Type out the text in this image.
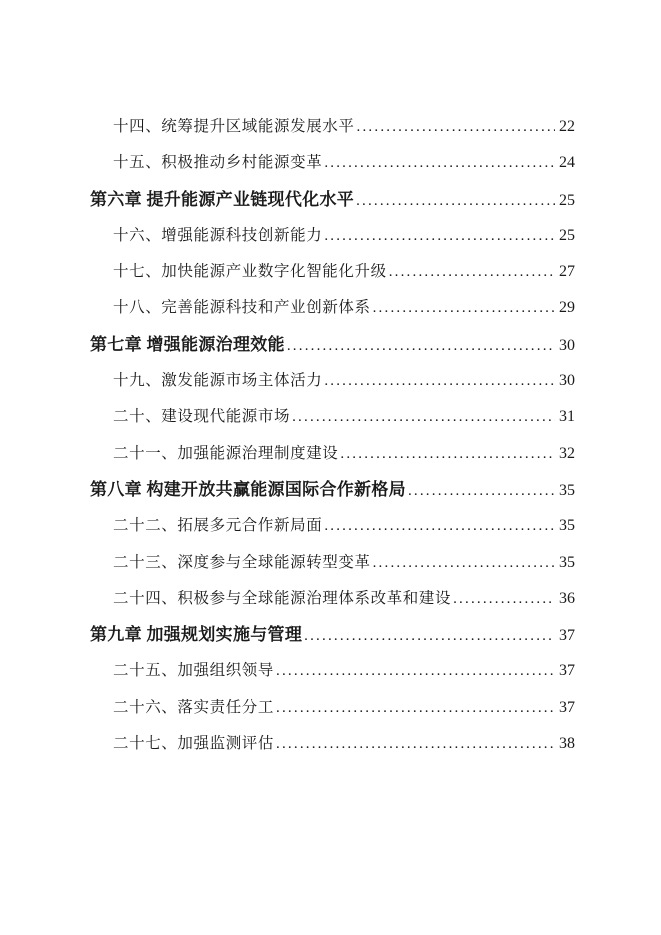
十四、统筹提升区域能源发展水平 .....	22
十五、积极推动乡村能源变革 .....	24
第六章 提升能源产业链现代化水平 .....	25
十六、增强能源科技创新能力 .....	25
十七、加快能源产业数字化智能化升级 .....	27
十八、完善能源科技和产业创新体系 .....	29
第七章 增强能源治理效能 .....	30
十九、激发能源市场主体活力 .....	30
二十、建设现代能源市场 .....	31
二十一、加强能源治理制度建设 .....	32
第八章 构建开放共赢能源国际合作新格局 .....	35
二十二、拓展多元合作新局面 .....	35
二十三、深度参与全球能源转型变革 .....	35
二十四、积极参与全球能源治理体系改革和建设 .....	36
第九章 加强规划实施与管理 .....	37
二十五、加强组织领导 .....	37
二十六、落实责任分工 .....	37
二十七、加强监测评估 .....	38
